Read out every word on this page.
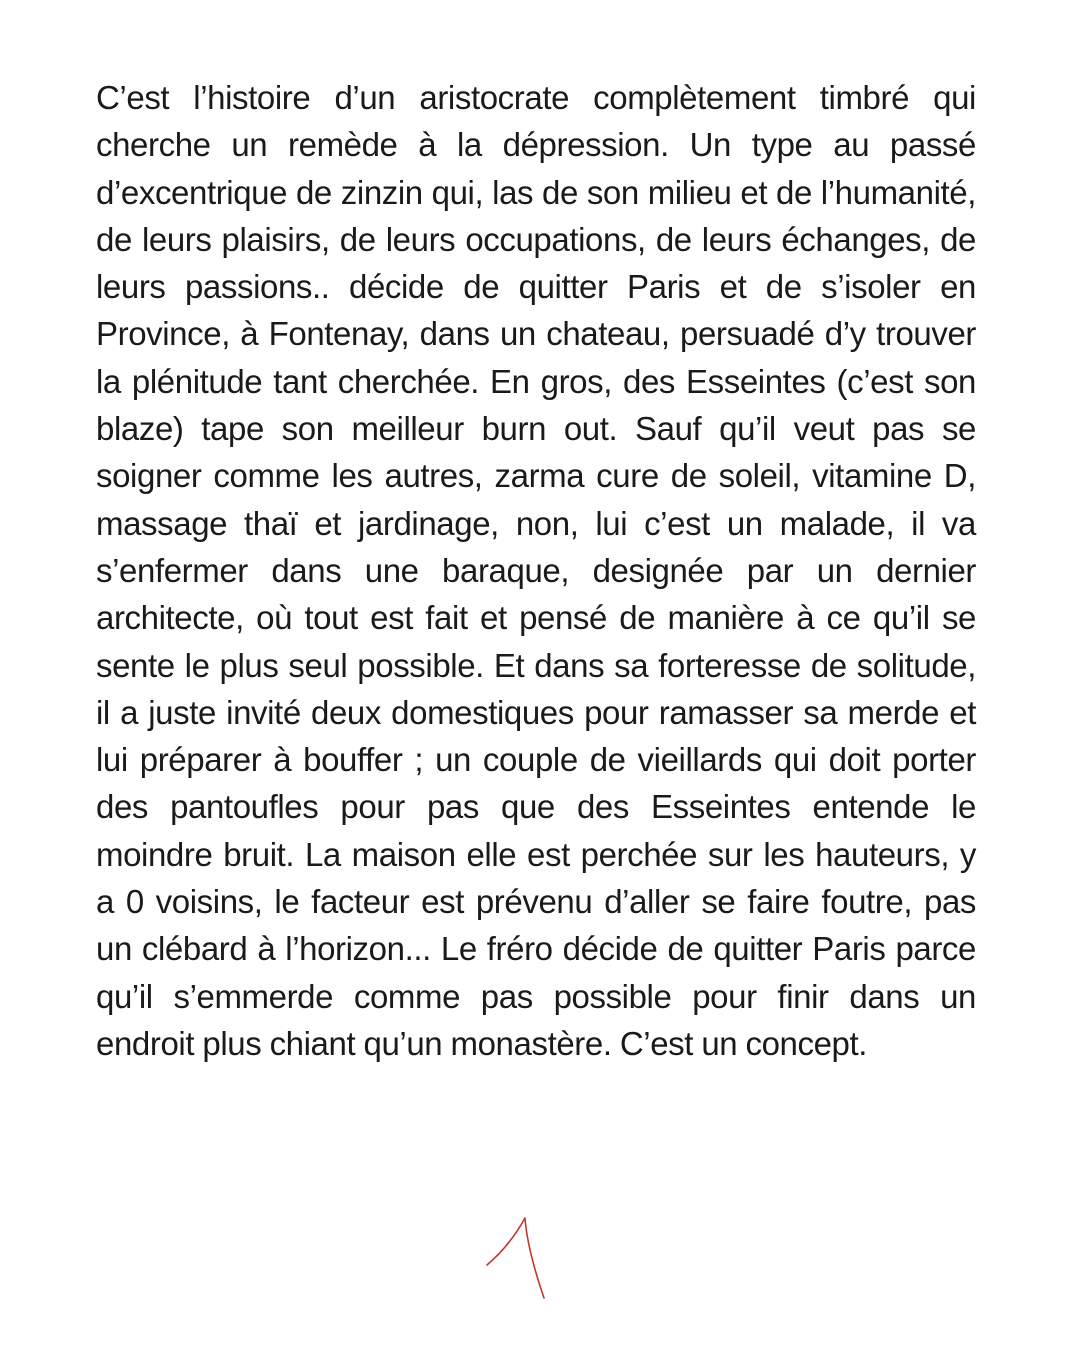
C’est l’histoire d’un aristocrate complètement timbré qui cherche un remède à la dépression. Un type au passé d’excentrique de zinzin qui, las de son milieu et de l’humanité, de leurs plaisirs, de leurs occupations, de leurs échanges, de leurs passions.. décide de quitter Paris et de s’isoler en Province, à Fontenay, dans un chateau, persuadé d’y trouver la plénitude tant cherchée. En gros, des Esseintes (c’est son blaze) tape son meilleur burn out. Sauf qu’il veut pas se soigner comme les autres, zarma cure de soleil, vitamine D, massage thaï et jardinage, non, lui c’est un malade, il va s’enfermer dans une baraque, designée par un dernier architecte, où tout est fait et pensé de manière à ce qu’il se sente le plus seul possible. Et dans sa forteresse de solitude, il a juste invité deux domestiques pour ramasser sa merde et lui préparer à bouffer ; un couple de vieillards qui doit porter des pantoufles pour pas que des Esseintes entende le moindre bruit. La maison elle est perchée sur les hauteurs, y a 0 voisins, le facteur est prévenu d’aller se faire foutre, pas un clébard à l’horizon... Le fréro décide de quitter Paris parce qu’il s’emmerde comme pas possible pour finir dans un endroit plus chiant qu’un monastère. C’est un concept.
